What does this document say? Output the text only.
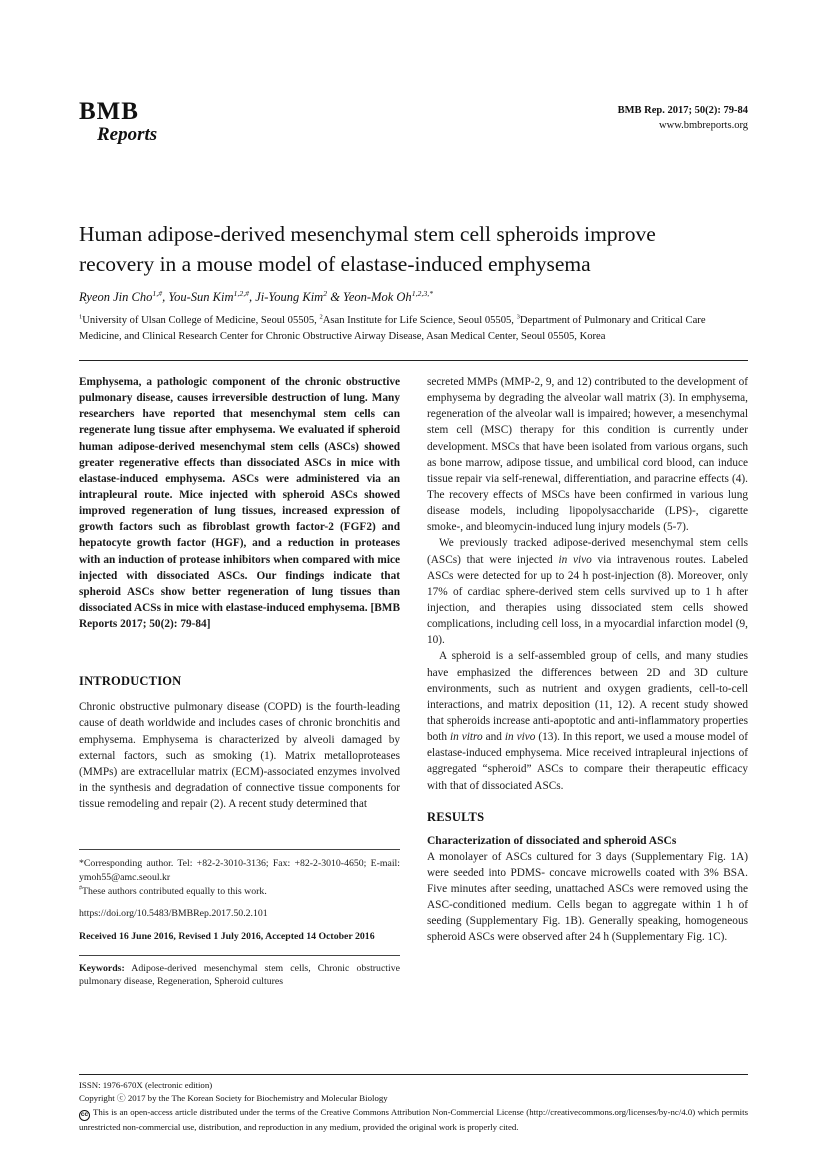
BMB
Reports
BMB Rep. 2017; 50(2): 79-84
www.bmbreports.org
Human adipose-derived mesenchymal stem cell spheroids improve recovery in a mouse model of elastase-induced emphysema

Ryeon Jin Cho$^{1,\#}$, You-Sun Kim$^{1,2,\#}$, Ji-Young Kim$^2$ & Yeon-Mok $Oh^{1,2,3,*}$

$^1$University of Ulsan College of Medicine, Seoul 05505, $^2$Asan Institute for Life Science, Seoul 05505, $^3$Department of Pulmonary and Critical Care Medicine, and Clinical Research Center for Chronic Obstructive Airway Disease, Asan Medical Center, Seoul 05505, Korea

Emphysema, a pathologic component of the chronic obstructive pulmonary disease, causes irreversible destruction of lung. Many researchers have reported that mesenchymal stem cells can regenerate lung tissue after emphysema. We evaluated if spheroid human adipose-derived mesenchymal stem cells (ASCs) showed greater regenerative effects than dissociated ASCs in mice with elastase-induced emphysema. ASCs were administered via an intrapleural route. Mice injected with spheroid ASCs showed improved regeneration of lung tissues, increased expression of growth factors such as fibroblast growth factor-2 (FGF2) and hepatocyte growth factor (HGF), and a reduction in proteases with an induction of protease inhibitors when compared with mice injected with dissociated ASCs. Our findings indicate that spheroid ASCs show better regeneration of lung tissues than dissociated ACSs in mice with elastase-induced emphysema. [BMB Reports 2017; 50(2): 79-84]

INTRODUCTION

Chronic obstructive pulmonary disease (COPD) is the fourth-leading cause of death worldwide and includes cases of chronic bronchitis and emphysema. Emphysema is characterized by alveoli damaged by external factors, such as smoking (1). Matrix metalloproteases (MMPs) are extracellular matrix (ECM)-associated enzymes involved in the synthesis and degradation of connective tissue components for tissue remodeling and repair (2). A recent study determined that

*Corresponding author. Tel: +82-2-3010-3136; Fax: +82-2-3010-4650; E-mail: ymoh55@amc.seoul.kr

#These authors contributed equally to this work.

https://doi.org/10.5483/BMBRep.2017.50.2.101

Received 16 June 2016, Revised 1 July 2016, Accepted 14 October 2016

Keywords: Adipose-derived mesenchymal stem cells, Chronic obstructive pulmonary disease, Regeneration, Spheroid cultures

secreted MMPs (MMP-2, 9, and 12) contributed to the development of emphysema by degrading the alveolar wall matrix (3). In emphysema, regeneration of the alveolar wall is impaired; however, a mesenchymal stem cell (MSC) therapy for this condition is currently under development. MSCs that have been isolated from various organs, such as bone marrow, adipose tissue, and umbilical cord blood, can induce tissue repair via self-renewal, differentiation, and paracrine effects (4). The recovery effects of MSCs have been confirmed in various lung disease models, including lipopolysaccharide (LPS)-, cigarette smoke-, and bleomycin-induced lung injury models (5-7).

We previously tracked adipose-derived mesenchymal stem cells (ASCs) that were injected in vivo via intravenous routes. Labeled ASCs were detected for up to 24 h post-injection (8). Moreover, only 17% of cardiac sphere-derived stem cells survived up to 1 h after injection, and therapies using dissociated stem cells showed complications, including cell loss, in a myocardial infarction model (9, 10).

A spheroid is a self-assembled group of cells, and many studies have emphasized the differences between 2D and 3D culture environments, such as nutrient and oxygen gradients, cell-to-cell interactions, and matrix deposition (11, 12). A recent study showed that spheroids increase anti-apoptotic and anti-inflammatory properties both in vitro and in vivo (13). In this report, we used a mouse model of elastase-induced emphysema. Mice received intrapleural injections of aggregated “spheroid” ASCs to compare their therapeutic efficacy with that of dissociated ASCs.

RESULTS
Characterization of dissociated and spheroid ASCs

A monolayer of ASCs cultured for 3 days (Supplementary Fig. 1A) were seeded into PDMS- concave microwells coated with 3% BSA. Five minutes after seeding, unattached ASCs were removed using the ASC-conditioned medium. Cells began to aggregate within 1 h of seeding (Supplementary Fig. 1B). Generally speaking, homogeneous spheroid ASCs were observed after 24 h (Supplementary Fig. 1C).

ISSN: 1976-670X (electronic edition)

Copyright ⓒ 2017 by the The Korean Society for Biochemistry and Molecular Biology

cc This is an open-access article distributed under the terms of the Creative Commons Attribution Non-Commercial License (http://creativecommons.org/licenses/by-nc/4.0) which permits unrestricted non-commercial use, distribution, and reproduction in any medium, provided the original work is properly cited.
